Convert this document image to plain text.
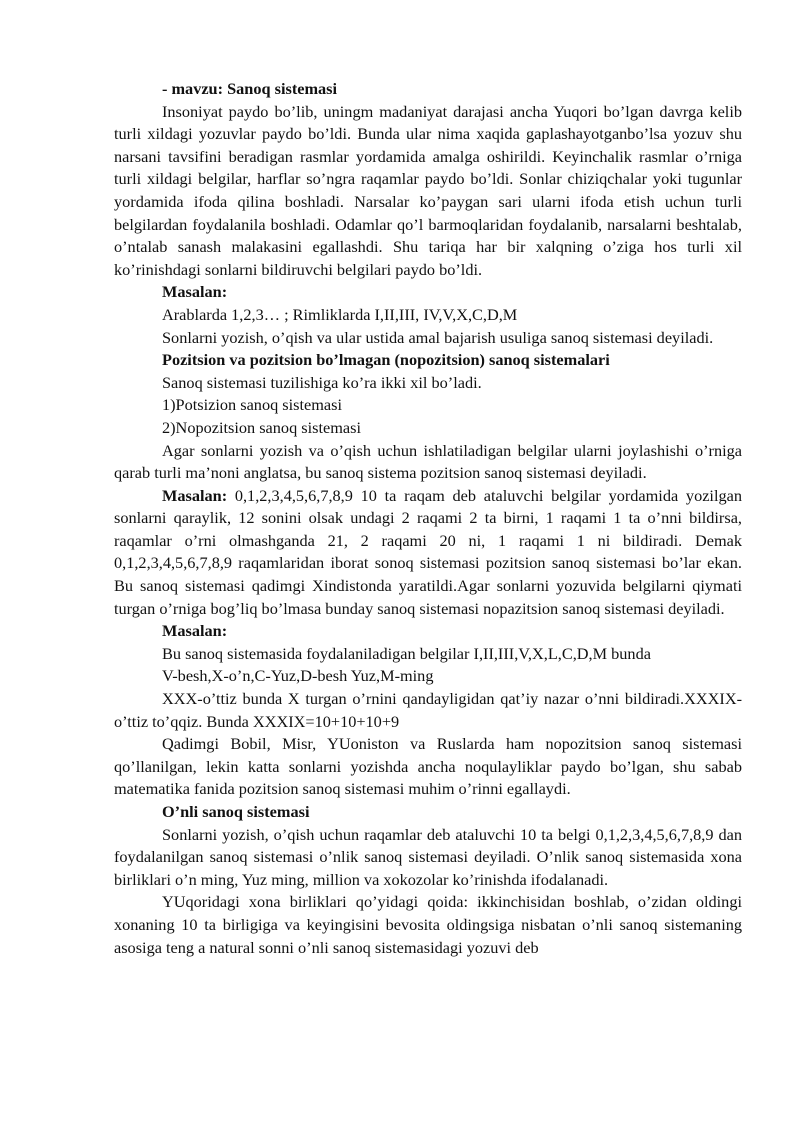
- mavzu: Sanoq sistemasi

Insoniyat paydo bo’lib, uningm madaniyat darajasi ancha Yuqori bo’lgan davrga kelib turli xildagi yozuvlar paydo bo’ldi. Bunda ular nima xaqida gaplashayotganbo’lsa yozuv shu narsani tavsifini beradigan rasmlar yordamida amalga oshirildi. Keyinchalik rasmlar o’rniga turli xildagi belgilar, harflar so’ngra raqamlar paydo bo’ldi. Sonlar chiziqchalar yoki tugunlar yordamida ifoda qilina boshladi. Narsalar ko’paygan sari ularni ifoda etish uchun turli belgilardan foydalanila boshladi. Odamlar qo’l barmoqlaridan foydalanib, narsalarni beshtalab, o’ntalab sanash malakasini egallashdi. Shu tariqa har bir xalqning o’ziga hos turli xil ko’rinishdagi sonlarni bildiruvchi belgilari paydo bo’ldi.

Masalan:

Arablarda 1,2,3… ; Rimliklarda I,II,III, IV,V,X,C,D,M

Sonlarni yozish, o’qish va ular ustida amal bajarish usuliga sanoq sistemasi deyiladi.

Pozitsion va pozitsion bo’lmagan (nopozitsion) sanoq sistemalari

Sanoq sistemasi tuzilishiga ko’ra ikki xil bo’ladi.

1)Potsizion sanoq sistemasi

2)Nopozitsion sanoq sistemasi

Agar sonlarni yozish va o’qish uchun ishlatiladigan belgilar ularni joylashishi o’rniga qarab turli ma’noni anglatsa, bu sanoq sistema pozitsion sanoq sistemasi deyiladi.

Masalan: 0,1,2,3,4,5,6,7,8,9 10 ta raqam deb ataluvchi belgilar yordamida yozilgan sonlarni qaraylik, 12 sonini olsak undagi 2 raqami 2 ta birni, 1 raqami 1 ta o’nni bildirsa, raqamlar o’rni olmashganda 21, 2 raqami 20 ni, 1 raqami 1 ni bildiradi. Demak 0,1,2,3,4,5,6,7,8,9 raqamlaridan iborat sonoq sistemasi pozitsion sanoq sistemasi bo’lar ekan. Bu sanoq sistemasi qadimgi Xindistonda yaratildi.Agar sonlarni yozuvida belgilarni qiymati turgan o’rniga bog’liq bo’lmasa bunday sanoq sistemasi nopazitsion sanoq sistemasi deyiladi.

Masalan:

Bu sanoq sistemasida foydalaniladigan belgilar I,II,III,V,X,L,C,D,M bunda

V-besh,X-o’n,C-Yuz,D-besh Yuz,M-ming

XXX-o’ttiz bunda X turgan o’rnini qandayligidan qat’iy nazar o’nni bildiradi.XXXIX-o’ttiz to’qqiz. Bunda XXXIX=10+10+10+9

Qadimgi Bobil, Misr, YUoniston va Ruslarda ham nopozitsion sanoq sistemasi qo’llanilgan, lekin katta sonlarni yozishda ancha noqulayliklar paydo bo’lgan, shu sabab matematika fanida pozitsion sanoq sistemasi muhim o’rinni egallaydi.

O’nli sanoq sistemasi

Sonlarni yozish, o’qish uchun raqamlar deb ataluvchi 10 ta belgi 0,1,2,3,4,5,6,7,8,9 dan foydalanilgan sanoq sistemasi o’nlik sanoq sistemasi deyiladi. O’nlik sanoq sistemasida xona birliklari o’n ming, Yuz ming, million va xokozolar ko’rinishda ifodalanadi.

YUqoridagi xona birliklari qo’yidagi qoida: ikkinchisidan boshlab, o’zidan oldingi xonaning 10 ta birligiga va keyingisini bevosita oldingsiga nisbatan o’nli sanoq sistemaning asosiga teng a natural sonni o’nli sanoq sistemasidagi yozuvi deb
